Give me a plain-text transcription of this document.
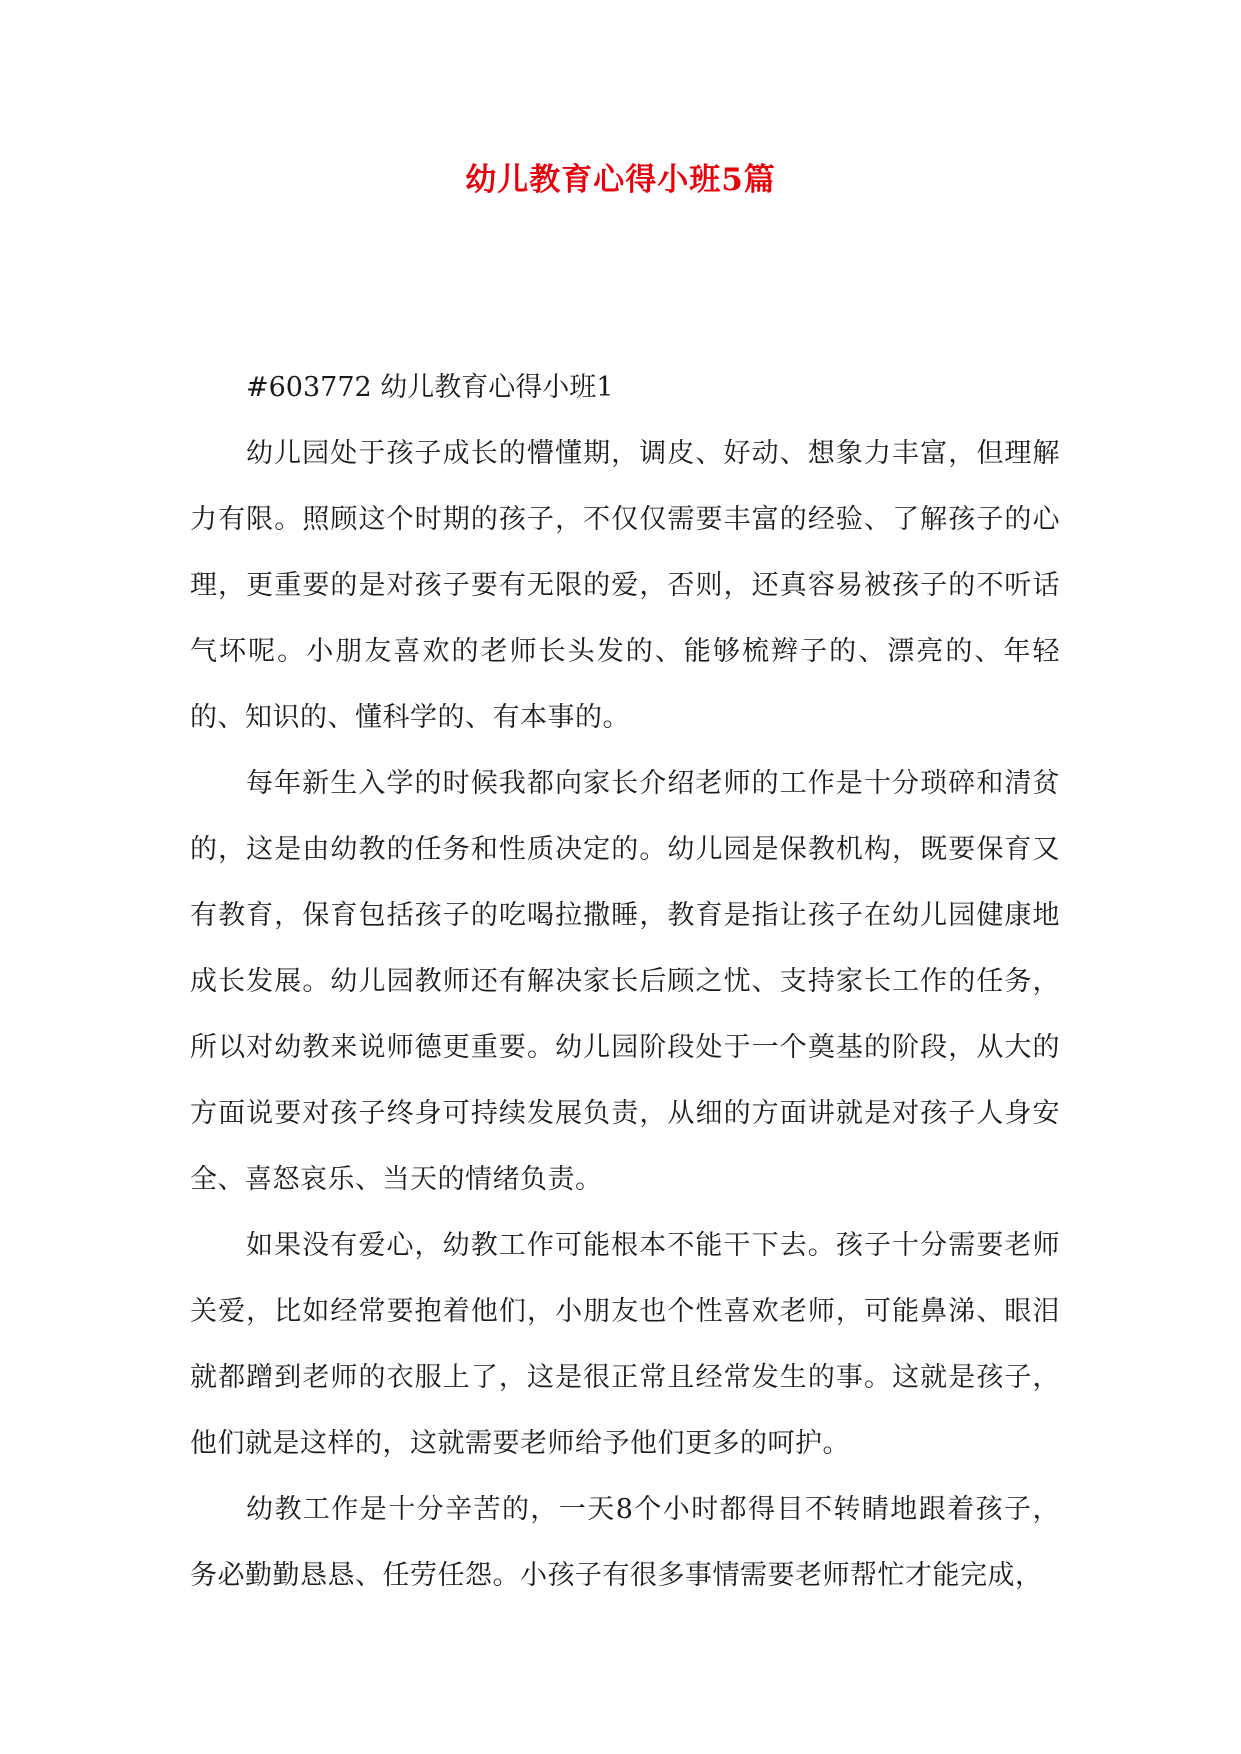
幼儿教育心得小班5篇

#603772 幼儿教育心得小班1

幼儿园处于孩子成长的懵懂期，调皮、好动、想象力丰富，但理解力有限。照顾这个时期的孩子，不仅仅需要丰富的经验、了解孩子的心理，更重要的是对孩子要有无限的爱，否则，还真容易被孩子的不听话气坏呢。小朋友喜欢的老师长头发的、能够梳辫子的、漂亮的、年轻的、知识的、懂科学的、有本事的。

每年新生入学的时候我都向家长介绍老师的工作是十分琐碎和清贫的，这是由幼教的任务和性质决定的。幼儿园是保教机构，既要保育又有教育，保育包括孩子的吃喝拉撒睡，教育是指让孩子在幼儿园健康地成长发展。幼儿园教师还有解决家长后顾之忧、支持家长工作的任务，所以对幼教来说师德更重要。幼儿园阶段处于一个奠基的阶段，从大的方面说要对孩子终身可持续发展负责，从细的方面讲就是对孩子人身安全、喜怒哀乐、当天的情绪负责。

如果没有爱心，幼教工作可能根本不能干下去。孩子十分需要老师关爱，比如经常要抱着他们，小朋友也个性喜欢老师，可能鼻涕、眼泪就都蹭到老师的衣服上了，这是很正常且经常发生的事。这就是孩子，他们就是这样的，这就需要老师给予他们更多的呵护。

幼教工作是十分辛苦的，一天8个小时都得目不转睛地跟着孩子，务必勤勤恳恳、任劳任怨。小孩子有很多事情需要老师帮忙才能完成，
